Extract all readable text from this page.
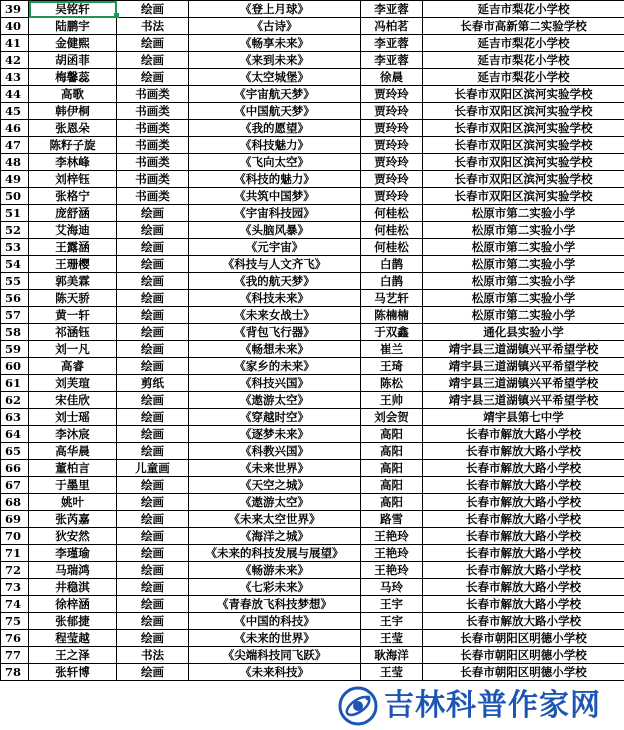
39	吴铭轩	绘画	《登上月球》	李亚蓉	延吉市梨花小学校
40	陆鹏宇	书法	《古诗》	冯柏茗	长春市高新第二实验学校
41	金健熙	绘画	《畅享未来》	李亚蓉	延吉市梨花小学校
42	胡函菲	绘画	《来到未来》	李亚蓉	延吉市梨花小学校
43	梅馨蕊	绘画	《太空城堡》	徐晨	延吉市梨花小学校
44	高歌	书画类	《宇宙航天梦》	贾玲玲	长春市双阳区滨河实验学校
45	韩伊桐	书画类	《中国航天梦》	贾玲玲	长春市双阳区滨河实验学校
46	张恩朵	书画类	《我的愿望》	贾玲玲	长春市双阳区滨河实验学校
47	陈籽子旋	书画类	《科技魅力》	贾玲玲	长春市双阳区滨河实验学校
48	李林峰	书画类	《飞向太空》	贾玲玲	长春市双阳区滨河实验学校
49	刘梓钰	书画类	《科技的魅力》	贾玲玲	长春市双阳区滨河实验学校
50	张格宁	书画类	《共筑中国梦》	贾玲玲	长春市双阳区滨河实验学校
51	庞舒涵	绘画	《宇宙科技园》	何桂松	松原市第二实验小学
52	艾海迪	绘画	《头脑风暴》	何桂松	松原市第二实验小学
53	王露涵	绘画	《元宇宙》	何桂松	松原市第二实验小学
54	王珊樱	绘画	《科技与人文齐飞》	白鹊	松原市第二实验小学
55	郭美霖	绘画	《我的航天梦》	白鹊	松原市第二实验小学
56	陈天骄	绘画	《科技未来》	马艺轩	松原市第二实验小学
57	黄一轩	绘画	《未来女战士》	陈楠楠	松原市第二实验小学
58	祁涵钰	绘画	《背包飞行器》	于双鑫	通化县实验小学
59	刘一凡	绘画	《畅想未来》	崔兰	靖宇县三道湖镇兴平希望学校
60	高睿	绘画	《家乡的未来》	王琦	靖宇县三道湖镇兴平希望学校
61	刘芙瑄	剪纸	《科技兴国》	陈松	靖宇县三道湖镇兴平希望学校
62	宋佳欣	绘画	《遨游太空》	王帅	靖宇县三道湖镇兴平希望学校
63	刘士瑶	绘画	《穿越时空》	刘会贺	靖宇县第七中学
64	李沐宸	绘画	《逐梦未来》	高阳	长春市解放大路小学校
65	高华晨	绘画	《科教兴国》	高阳	长春市解放大路小学校
66	董柏言	儿童画	《未来世界》	高阳	长春市解放大路小学校
67	于墨里	绘画	《天空之城》	高阳	长春市解放大路小学校
68	姚叶	绘画	《遨游太空》	高阳	长春市解放大路小学校
69	张芮嘉	绘画	《未来太空世界》	路雪	长春市解放大路小学校
70	狄安然	绘画	《海洋之城》	王艳玲	长春市解放大路小学校
71	李瑾瑜	绘画	《未来的科技发展与展望》	王艳玲	长春市解放大路小学校
72	马瑞鸿	绘画	《畅游未来》	王艳玲	长春市解放大路小学校
73	井稳淇	绘画	《七彩未来》	马玲	长春市解放大路小学校
74	徐梓涵	绘画	《青春放飞科技梦想》	王宇	长春市解放大路小学校
75	张郁捷	绘画	《中国的科技》	王宇	长春市解放大路小学校
76	程莹越	绘画	《未来的世界》	王莹	长春市朝阳区明德小学校
77	王之泽	书法	《尖端科技同飞跃》	耿海洋	长春市朝阳区明德小学校
78	张轩博	绘画	《未来科技》	王莹	长春市朝阳区明德小学校
吉林科普作家网
